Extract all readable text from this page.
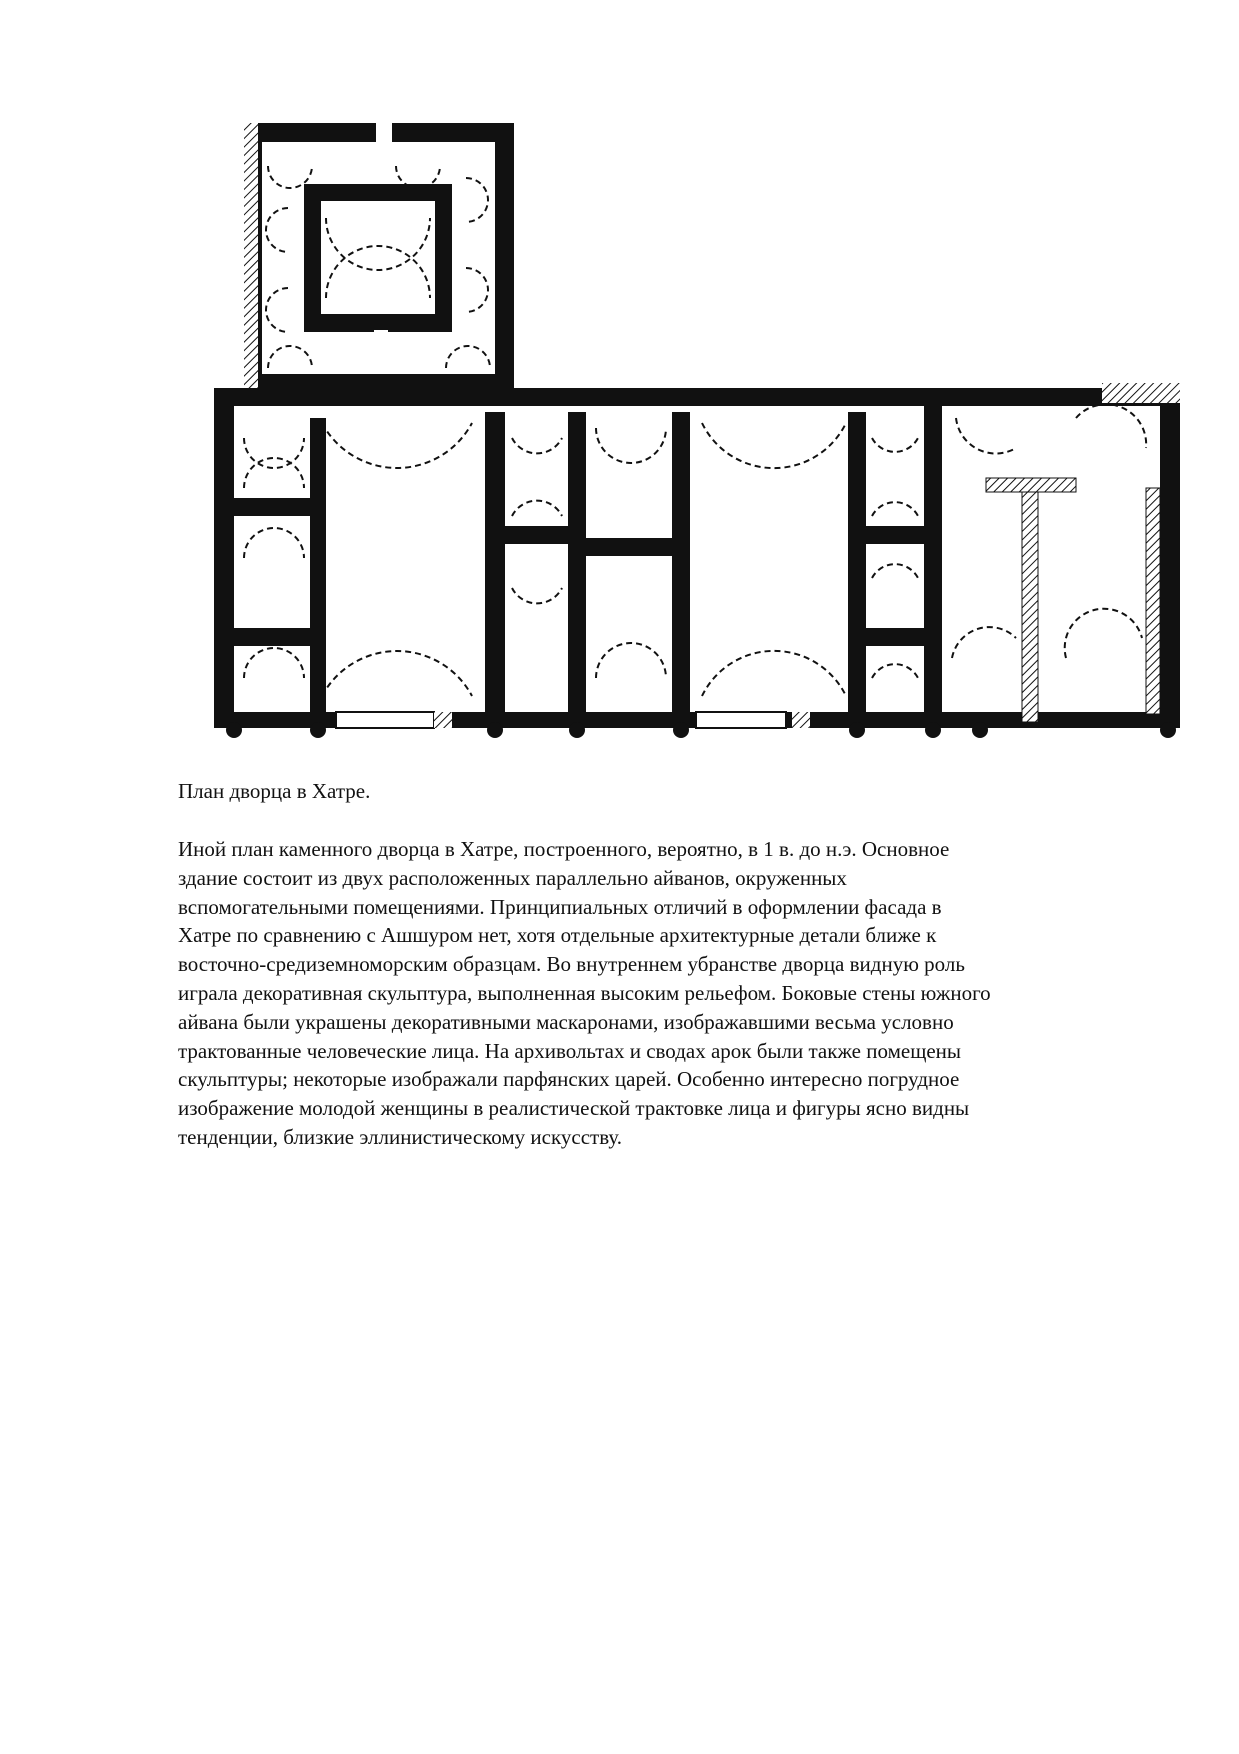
План дворца в Хатре.

Иной план каменного дворца в Хатре, построенного, вероятно, в 1 в. до н.э. Основное
здание состоит из двух расположенных параллельно айванов, окруженных
вспомогательными помещениями. Принципиальных отличий в оформлении фасада в
Хатре по сравнению с Ашшуром нет, хотя отдельные архитектурные детали ближе к
восточно-средиземноморским образцам. Во внутреннем убранстве дворца видную роль
играла декоративная скульптура, выполненная высоким рельефом. Боковые стены южного
айвана были украшены декоративными маскаронами, изображавшими весьма условно
трактованные человеческие лица. На архивольтах и сводах арок были также помещены
скульптуры; некоторые изображали парфянских царей. Особенно интересно погрудное
изображение молодой женщины в реалистической трактовке лица и фигуры ясно видны
тенденции, близкие эллинистическому искусству.
